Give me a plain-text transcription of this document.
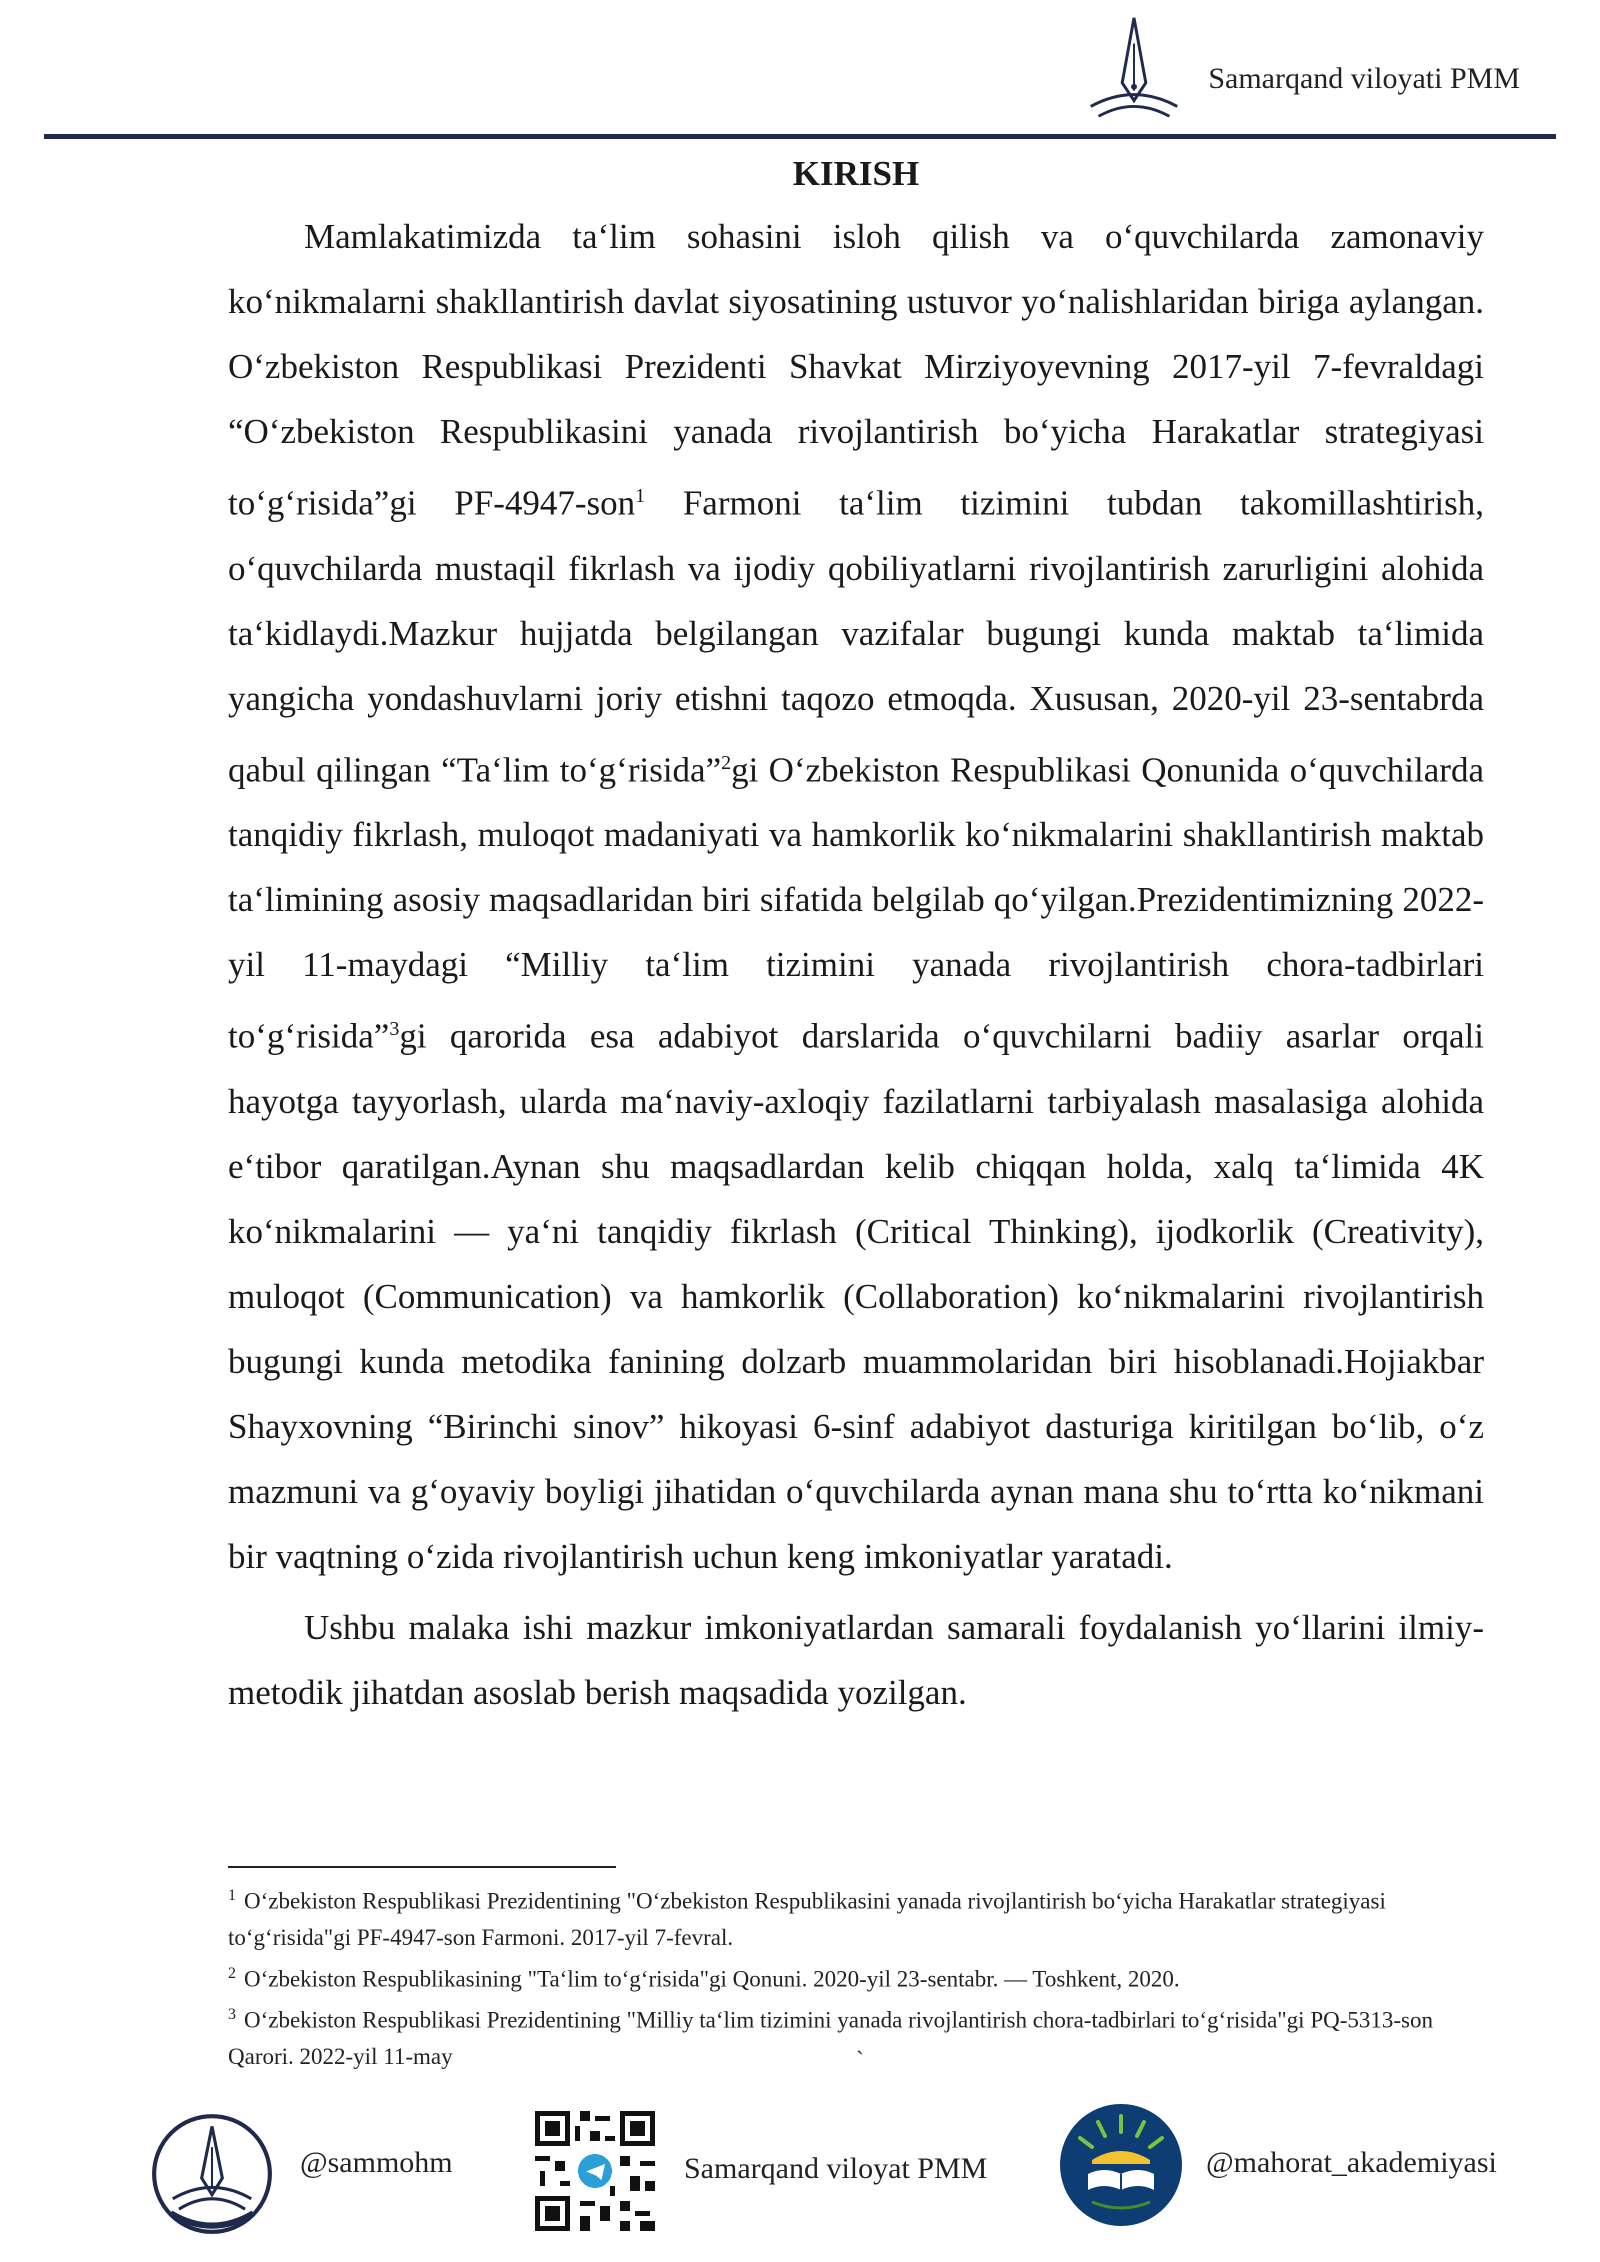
Samarqand viloyati PMM
KIRISH

Mamlakatimizda ta‘lim sohasini isloh qilish va o‘quvchilarda zamonaviy ko‘nikmalarni shakllantirish davlat siyosatining ustuvor yo‘nalishlaridan biriga aylangan. O‘zbekiston Respublikasi Prezidenti Shavkat Mirziyoyevning 2017-yil 7-fevraldagi “O‘zbekiston Respublikasini yanada rivojlantirish bo‘yicha Harakatlar strategiyasi to‘g‘risida”gi PF-4947-son$^1$ Farmoni ta‘lim tizimini tubdan takomillashtirish, o‘quvchilarda mustaqil fikrlash va ijodiy qobiliyatlarni rivojlantirish zarurligini alohida ta‘kidlaydi.Mazkur hujjatda belgilangan vazifalar bugungi kunda maktab ta‘limida yangicha yondashuvlarni joriy etishni taqozo etmoqda. Xususan, 2020-yil 23-sentabrda qabul qilingan “Ta‘lim to‘g‘risida”$^2$gi O‘zbekiston Respublikasi Qonunida o‘quvchilarda tanqidiy fikrlash, muloqot madaniyati va hamkorlik ko‘nikmalarini shakllantirish maktab ta‘limining asosiy maqsadlaridan biri sifatida belgilab qo‘yilgan.Prezidentimizning 2022-yil 11-maydagi “Milliy ta‘lim tizimini yanada rivojlantirish chora-tadbirlari to‘g‘risida”$^3$gi qarorida esa adabiyot darslarida o‘quvchilarni badiiy asarlar orqali hayotga tayyorlash, ularda ma‘naviy-axloqiy fazilatlarni tarbiyalash masalasiga alohida e‘tibor qaratilgan.Aynan shu maqsadlardan kelib chiqqan holda, xalq ta‘limida 4K ko‘nikmalarini — ya‘ni tanqidiy fikrlash (Critical Thinking), ijodkorlik (Creativity), muloqot (Communication) va hamkorlik (Collaboration) ko‘nikmalarini rivojlantirish bugungi kunda metodika fanining dolzarb muammolaridan biri hisoblanadi.Hojiakbar Shayxovning “Birinchi sinov” hikoyasi 6-sinf adabiyot dasturiga kiritilgan bo‘lib, o‘z mazmuni va g‘oyaviy boyligi jihatidan o‘quvchilarda aynan mana shu to‘rtta ko‘nikmani bir vaqtning o‘zida rivojlantirish uchun keng imkoniyatlar yaratadi.

Ushbu malaka ishi mazkur imkoniyatlardan samarali foydalanish yo‘llarini ilmiy-metodik jihatdan asoslab berish maqsadida yozilgan.

$^1$ O‘zbekiston Respublikasi Prezidentining "O‘zbekiston Respublikasini yanada rivojlantirish bo‘yicha Harakatlar strategiyasi to‘g‘risida"gi PF-4947-son Farmoni. 2017-yil 7-fevral.

$^2$ O‘zbekiston Respublikasining "Ta‘lim to‘g‘risida"gi Qonuni. 2020-yil 23-sentabr. — Toshkent, 2020.

$^3$ O‘zbekiston Respublikasi Prezidentining "Milliy ta‘lim tizimini yanada rivojlantirish chora-tadbirlari to‘g‘risida"gi PQ-5313-son Qarori. 2022-yil 11-may	`
@sammohm	Samarqand viloyat PMM	@mahorat_akademiyasi
